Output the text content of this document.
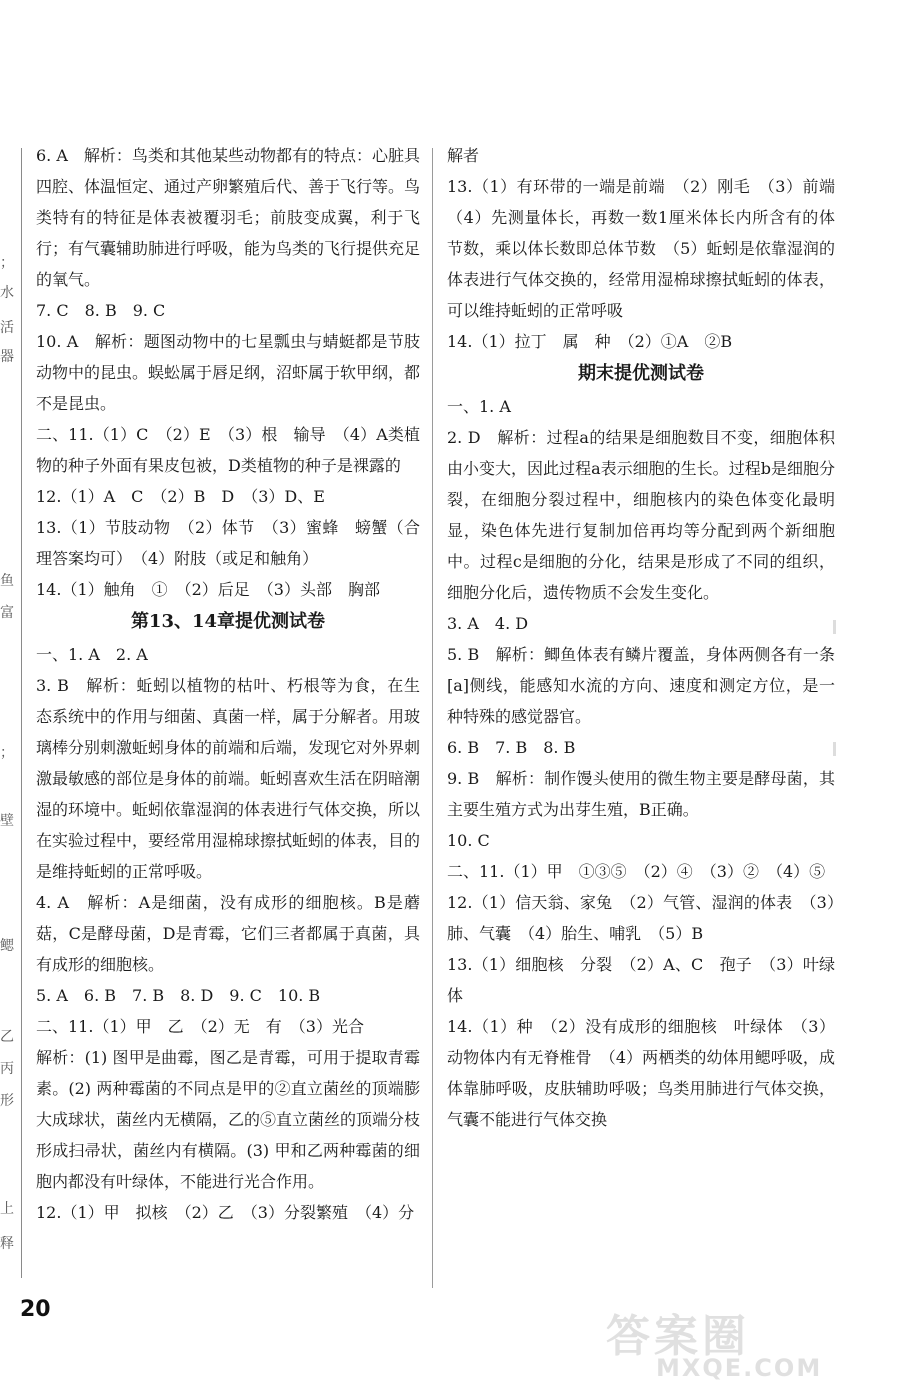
；
水
活
器
鱼
富
；
壁
鳃
乙
丙
形
上
释

6. A　解析：鸟类和其他某些动物都有的特点：心脏具四腔、体温恒定、通过产卵繁殖后代、善于飞行等。鸟类特有的特征是体表被覆羽毛；前肢变成翼，利于飞行；有气囊辅助肺进行呼吸，能为鸟类的飞行提供充足的氧气。

7. C　8. B　9. C

10. A　解析：题图动物中的七星瓢虫与蜻蜓都是节肢动物中的昆虫。蜈蚣属于唇足纲，沼虾属于软甲纲，都不是昆虫。

二、11.（1）C　（2）E　（3）根　输导　（4）A类植物的种子外面有果皮包被，D类植物的种子是裸露的

12.（1）A　C　（2）B　D　（3）D、E

13.（1）节肢动物　（2）体节　（3）蜜蜂　螃蟹（合理答案均可）　（4）附肢（或足和触角）

14.（1）触角　①　（2）后足　（3）头部　胸部

第13、14章提优测试卷

一、1. A　2. A

3. B　解析：蚯蚓以植物的枯叶、朽根等为食，在生态系统中的作用与细菌、真菌一样，属于分解者。用玻璃棒分别刺激蚯蚓身体的前端和后端，发现它对外界刺激最敏感的部位是身体的前端。蚯蚓喜欢生活在阴暗潮湿的环境中。蚯蚓依靠湿润的体表进行气体交换，所以在实验过程中，要经常用湿棉球擦拭蚯蚓的体表，目的是维持蚯蚓的正常呼吸。

4. A　解析：A是细菌，没有成形的细胞核。B是蘑菇，C是酵母菌，D是青霉，它们三者都属于真菌，具有成形的细胞核。

5. A　6. B　7. B　8. D　9. C　10. B

二、11.（1）甲　乙　（2）无　有　（3）光合

解析：(1) 图甲是曲霉，图乙是青霉，可用于提取青霉素。(2) 两种霉菌的不同点是甲的②直立菌丝的顶端膨大成球状，菌丝内无横隔，乙的⑤直立菌丝的顶端分枝形成扫帚状，菌丝内有横隔。(3) 甲和乙两种霉菌的细胞内都没有叶绿体，不能进行光合作用。

12.（1）甲　拟核　（2）乙　（3）分裂繁殖　（4）分

解者

13.（1）有环带的一端是前端　（2）刚毛　（3）前端　（4）先测量体长，再数一数1厘米体长内所含有的体节数，乘以体长数即总体节数　（5）蚯蚓是依靠湿润的体表进行气体交换的，经常用湿棉球擦拭蚯蚓的体表，可以维持蚯蚓的正常呼吸

14.（1）拉丁　属　种　（2）①A　②B

期末提优测试卷

一、1. A

2. D　解析：过程a的结果是细胞数目不变，细胞体积由小变大，因此过程a表示细胞的生长。过程b是细胞分裂，在细胞分裂过程中，细胞核内的染色体变化最明显，染色体先进行复制加倍再均等分配到两个新细胞中。过程c是细胞的分化，结果是形成了不同的组织，细胞分化后，遗传物质不会发生变化。

3. A　4. D

5. B　解析：鲫鱼体表有鳞片覆盖，身体两侧各有一条[a]侧线，能感知水流的方向、速度和测定方位，是一种特殊的感觉器官。

6. B　7. B　8. B

9. B　解析：制作馒头使用的微生物主要是酵母菌，其主要生殖方式为出芽生殖，B正确。

10. C

二、11.（1）甲　①③⑤　（2）④　（3）②　（4）⑤

12.（1）信天翁、家兔　（2）气管、湿润的体表　（3）肺、气囊　（4）胎生、哺乳　（5）B

13.（1）细胞核　分裂　（2）A、C　孢子　（3）叶绿体

14.（1）种　（2）没有成形的细胞核　叶绿体　（3）动物体内有无脊椎骨　（4）两栖类的幼体用鳃呼吸，成体靠肺呼吸，皮肤辅助呼吸；鸟类用肺进行气体交换，气囊不能进行气体交换

20
答案圈
MXQE.COM
